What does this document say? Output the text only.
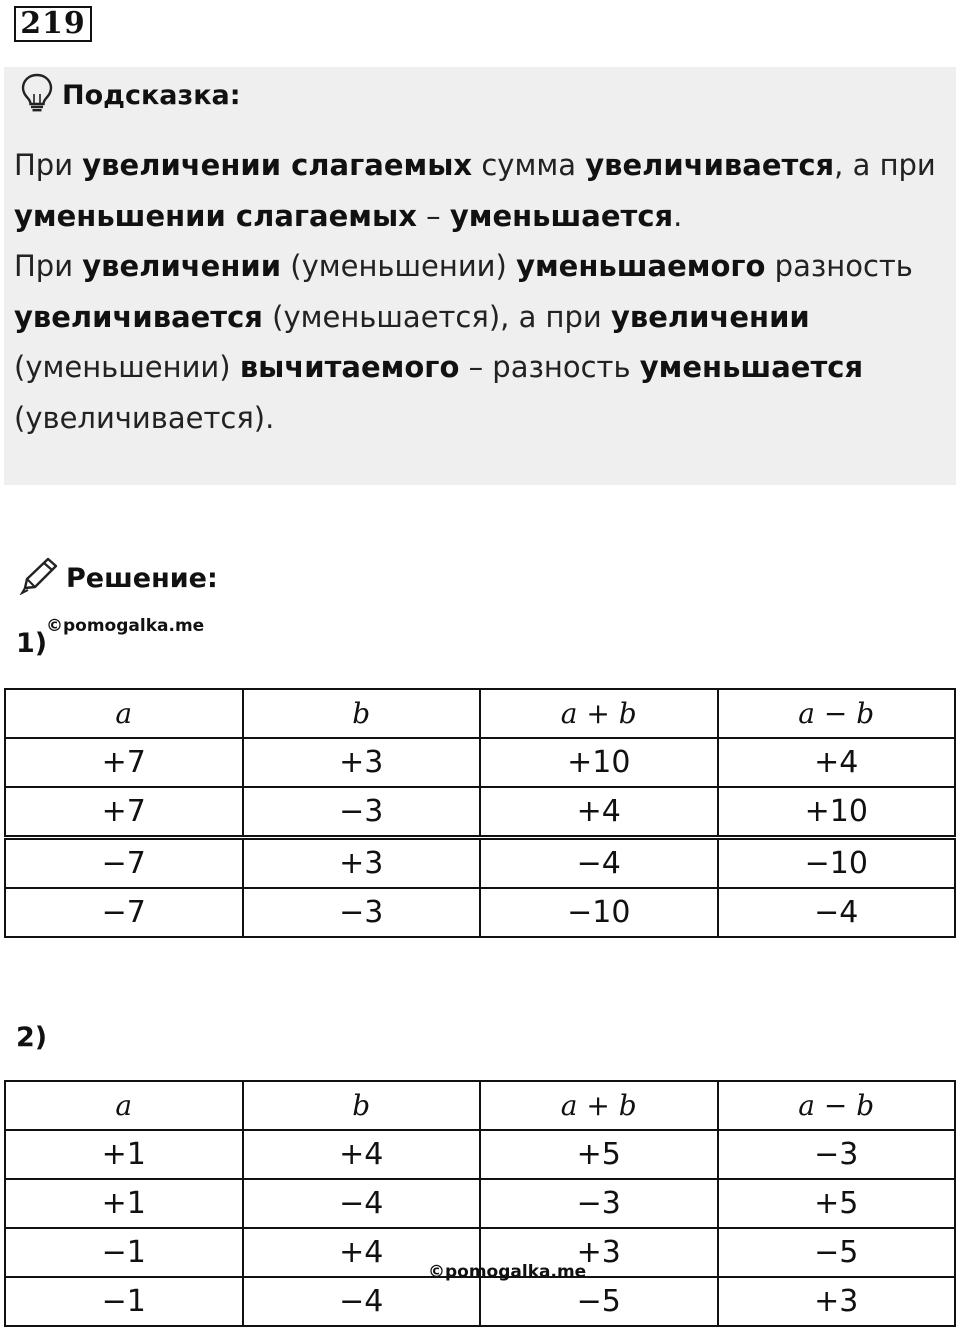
219
Подсказка:
При увеличении слагаемых сумма увеличивается, а при
уменьшении слагаемых – уменьшается.
При увеличении (уменьшении) уменьшаемого разность
увеличивается (уменьшается), а при увеличении
(уменьшении) вычитаемого – разность уменьшается
(увеличивается).
Решение:
1)
©pomogalka.me
a	b	a + b	a − b
+7	+3	+10	+4
+7	−3	+4	+10
−7	+3	−4	−10
−7	−3	−10	−4
2)
a	b	a + b	a − b
+1	+4	+5	−3
+1	−4	−3	+5
−1	+4	+3	−5
−1	−4	−5	+3
©pomogalka.me
